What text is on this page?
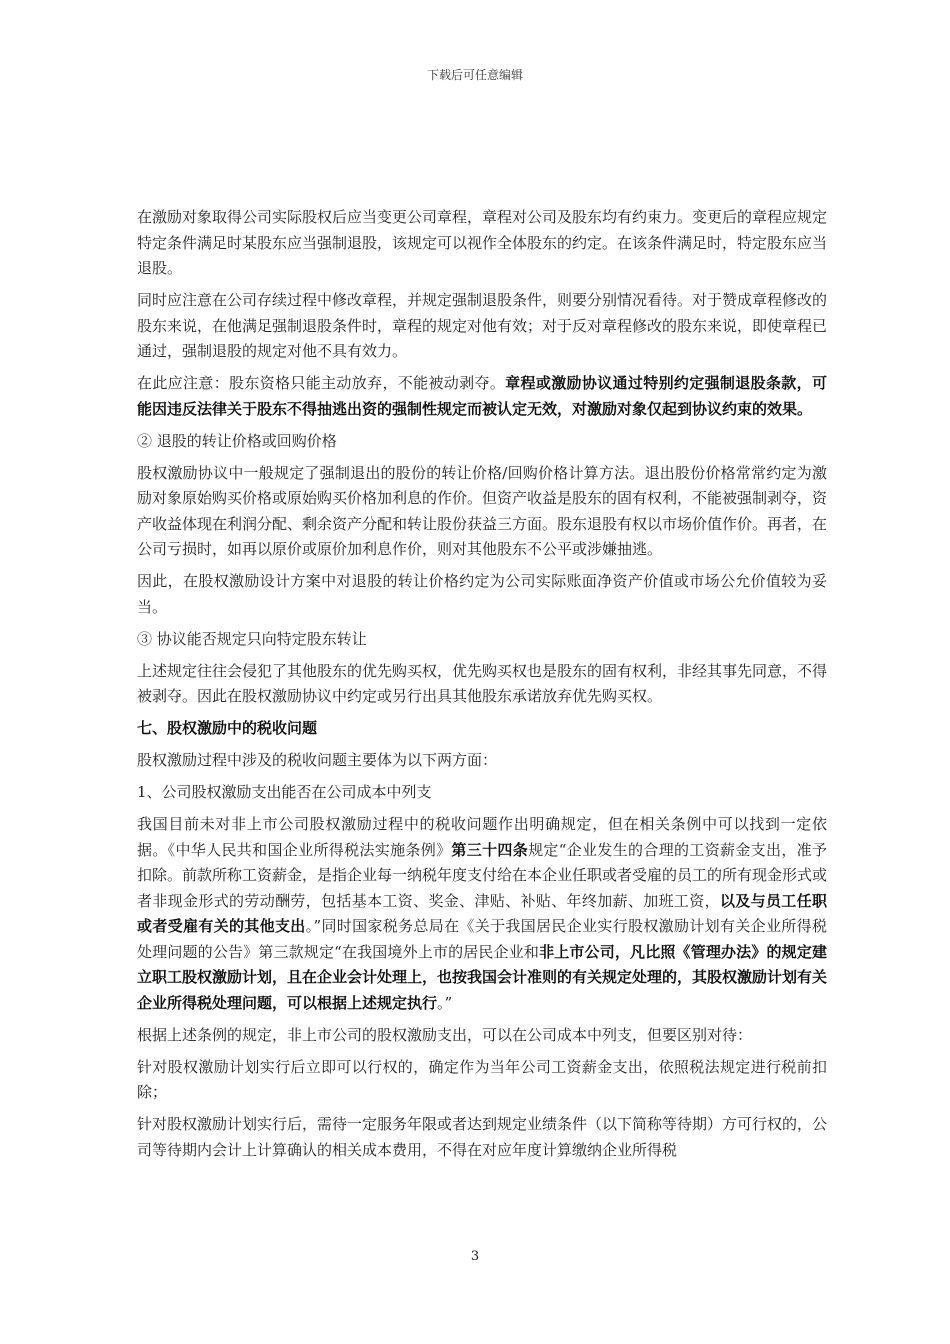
下载后可任意编辑

在激励对象取得公司实际股权后应当变更公司章程，章程对公司及股东均有约束力。变更后的章程应规定特定条件满足时某股东应当强制退股，该规定可以视作全体股东的约定。在该条件满足时，特定股东应当退股。

同时应注意在公司存续过程中修改章程，并规定强制退股条件，则要分别情况看待。对于赞成章程修改的股东来说，在他满足强制退股条件时，章程的规定对他有效；对于反对章程修改的股东来说，即使章程已通过，强制退股的规定对他不具有效力。

在此应注意：股东资格只能主动放弃，不能被动剥夺。章程或激励协议通过特别约定强制退股条款，可能因违反法律关于股东不得抽逃出资的强制性规定而被认定无效，对激励对象仅起到协议约束的效果。

② 退股的转让价格或回购价格

股权激励协议中一般规定了强制退出的股份的转让价格/回购价格计算方法。退出股份价格常常约定为激励对象原始购买价格或原始购买价格加利息的作价。但资产收益是股东的固有权利，不能被强制剥夺，资产收益体现在利润分配、剩余资产分配和转让股份获益三方面。股东退股有权以市场价值作价。再者，在公司亏损时，如再以原价或原价加利息作价，则对其他股东不公平或涉嫌抽逃。

因此，在股权激励设计方案中对退股的转让价格约定为公司实际账面净资产价值或市场公允价值较为妥当。

③ 协议能否规定只向特定股东转让

上述规定往往会侵犯了其他股东的优先购买权，优先购买权也是股东的固有权利，非经其事先同意，不得被剥夺。因此在股权激励协议中约定或另行出具其他股东承诺放弃优先购买权。

七、股权激励中的税收问题

股权激励过程中涉及的税收问题主要体为以下两方面：

1、公司股权激励支出能否在公司成本中列支

我国目前未对非上市公司股权激励过程中的税收问题作出明确规定，但在相关条例中可以找到一定依据。《中华人民共和国企业所得税法实施条例》第三十四条规定“企业发生的合理的工资薪金支出，准予扣除。前款所称工资薪金，是指企业每一纳税年度支付给在本企业任职或者受雇的员工的所有现金形式或者非现金形式的劳动酬劳，包括基本工资、奖金、津贴、补贴、年终加薪、加班工资，以及与员工任职或者受雇有关的其他支出。”同时国家税务总局在《关于我国居民企业实行股权激励计划有关企业所得税处理问题的公告》第三款规定“在我国境外上市的居民企业和非上市公司，凡比照《管理办法》的规定建立职工股权激励计划，且在企业会计处理上，也按我国会计准则的有关规定处理的，其股权激励计划有关企业所得税处理问题，可以根据上述规定执行。”

根据上述条例的规定，非上市公司的股权激励支出，可以在公司成本中列支，但要区别对待：

针对股权激励计划实行后立即可以行权的，确定作为当年公司工资薪金支出，依照税法规定进行税前扣除；

针对股权激励计划实行后，需待一定服务年限或者达到规定业绩条件（以下简称等待期）方可行权的，公司等待期内会计上计算确认的相关成本费用，不得在对应年度计算缴纳企业所得税

3
